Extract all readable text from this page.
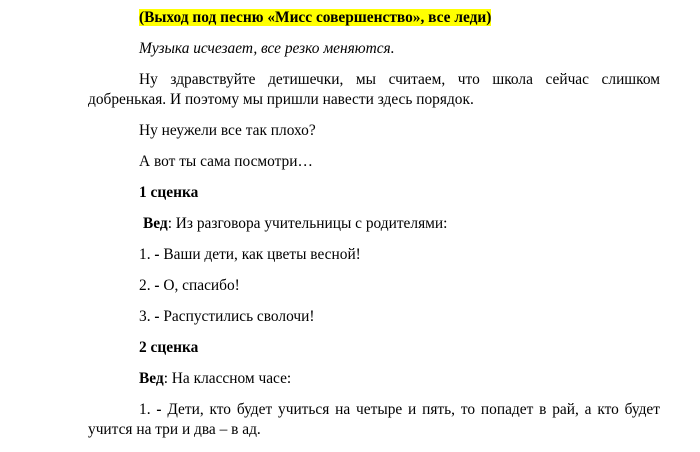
(Выход под песню «Мисс совершенство», все леди)

Музыка исчезает, все резко меняются.

Ну здравствуйте детишечки, мы считаем, что школа сейчас слишком добренькая. И поэтому мы пришли навести здесь порядок.

Ну неужели все так плохо?

А вот ты сама посмотри…

1 сценка

Вед: Из разговора учительницы с родителями:

1. - Ваши дети, как цветы весной!

2. - О, спасибо!

3. - Распустились сволочи!

2 сценка

Вед: На классном часе:

1. - Дети, кто будет учиться на четыре и пять, то попадет в рай, а кто будет учится на три и два – в ад.
